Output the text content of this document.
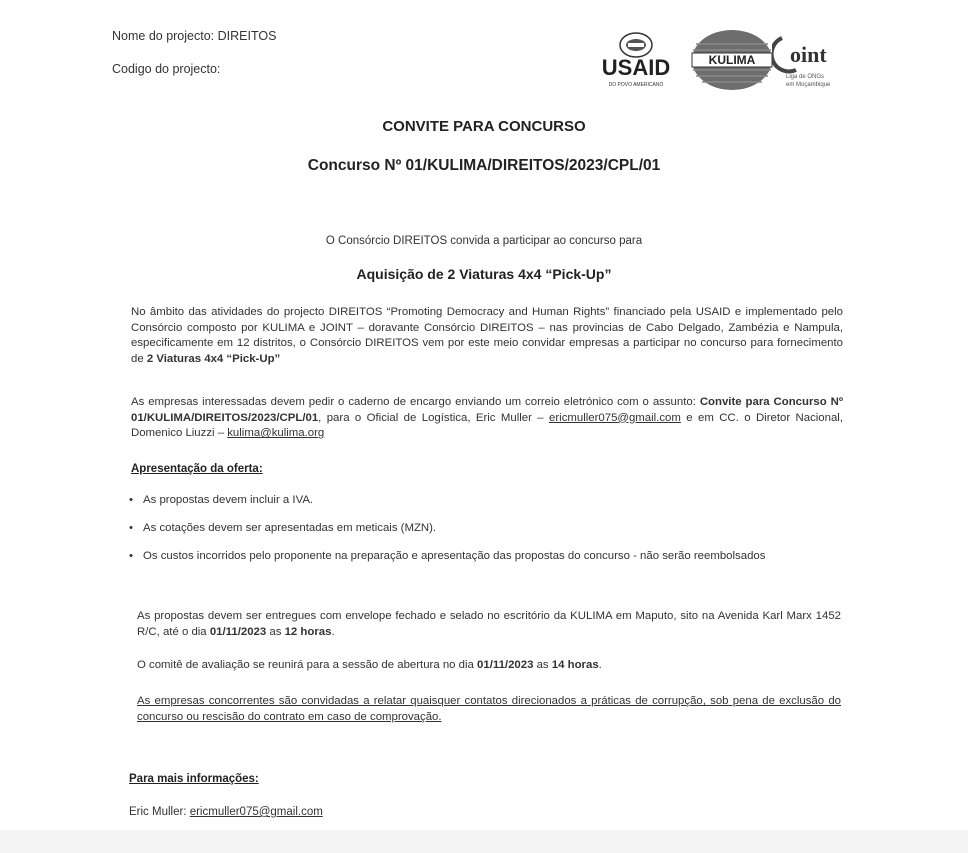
Nome do projecto: DIREITOS
Codigo do projecto:	USAID
DO POVO AMERICANO
KULIMA oint
Liga de ONGs
em Moçambique
CONVITE PARA CONCURSO
Concurso Nº 01/KULIMA/DIREITOS/2023/CPL/01
O Consórcio DIREITOS convida a participar ao concurso para
Aquisição de 2 Viaturas 4x4 “Pick-Up”
No âmbito das atividades do projecto DIREITOS “Promoting Democracy and Human Rights” financiado pela USAID e implementado pelo Consórcio composto por KULIMA e JOINT – doravante Consórcio DIREITOS – nas provincias de Cabo Delgado, Zambézia e Nampula, especificamente em 12 distritos, o Consórcio DIREITOS vem por este meio convidar empresas a participar no concurso para fornecimento de 2 Viaturas 4x4 “Pick-Up”
As empresas interessadas devem pedir o caderno de encargo enviando um correio eletrónico com o assunto: Convite para Concurso Nº 01/KULIMA/DIREITOS/2023/CPL/01, para o Oficial de Logística, Eric Muller – ericmuller075@gmail.com e em CC. o Diretor Nacional, Domenico Liuzzi – kulima@kulima.org
Apresentação da oferta:
• As propostas devem incluir a IVA.
• As cotações devem ser apresentadas em meticais (MZN).
• Os custos incorridos pelo proponente na preparação e apresentação das propostas do concurso - não serão reembolsados
As propostas devem ser entregues com envelope fechado e selado no escritório da KULIMA em Maputo, sito na Avenida Karl Marx 1452 R/C, até o dia 01/11/2023 as 12 horas.
O comitê de avaliação se reunirá para a sessão de abertura no dia 01/11/2023 as 14 horas.
As empresas concorrentes são convidadas a relatar quaisquer contatos direcionados a práticas de corrupção, sob pena de exclusão do concurso ou rescisão do contrato em caso de comprovação.
Para mais informações:
Eric Muller: ericmuller075@gmail.com
